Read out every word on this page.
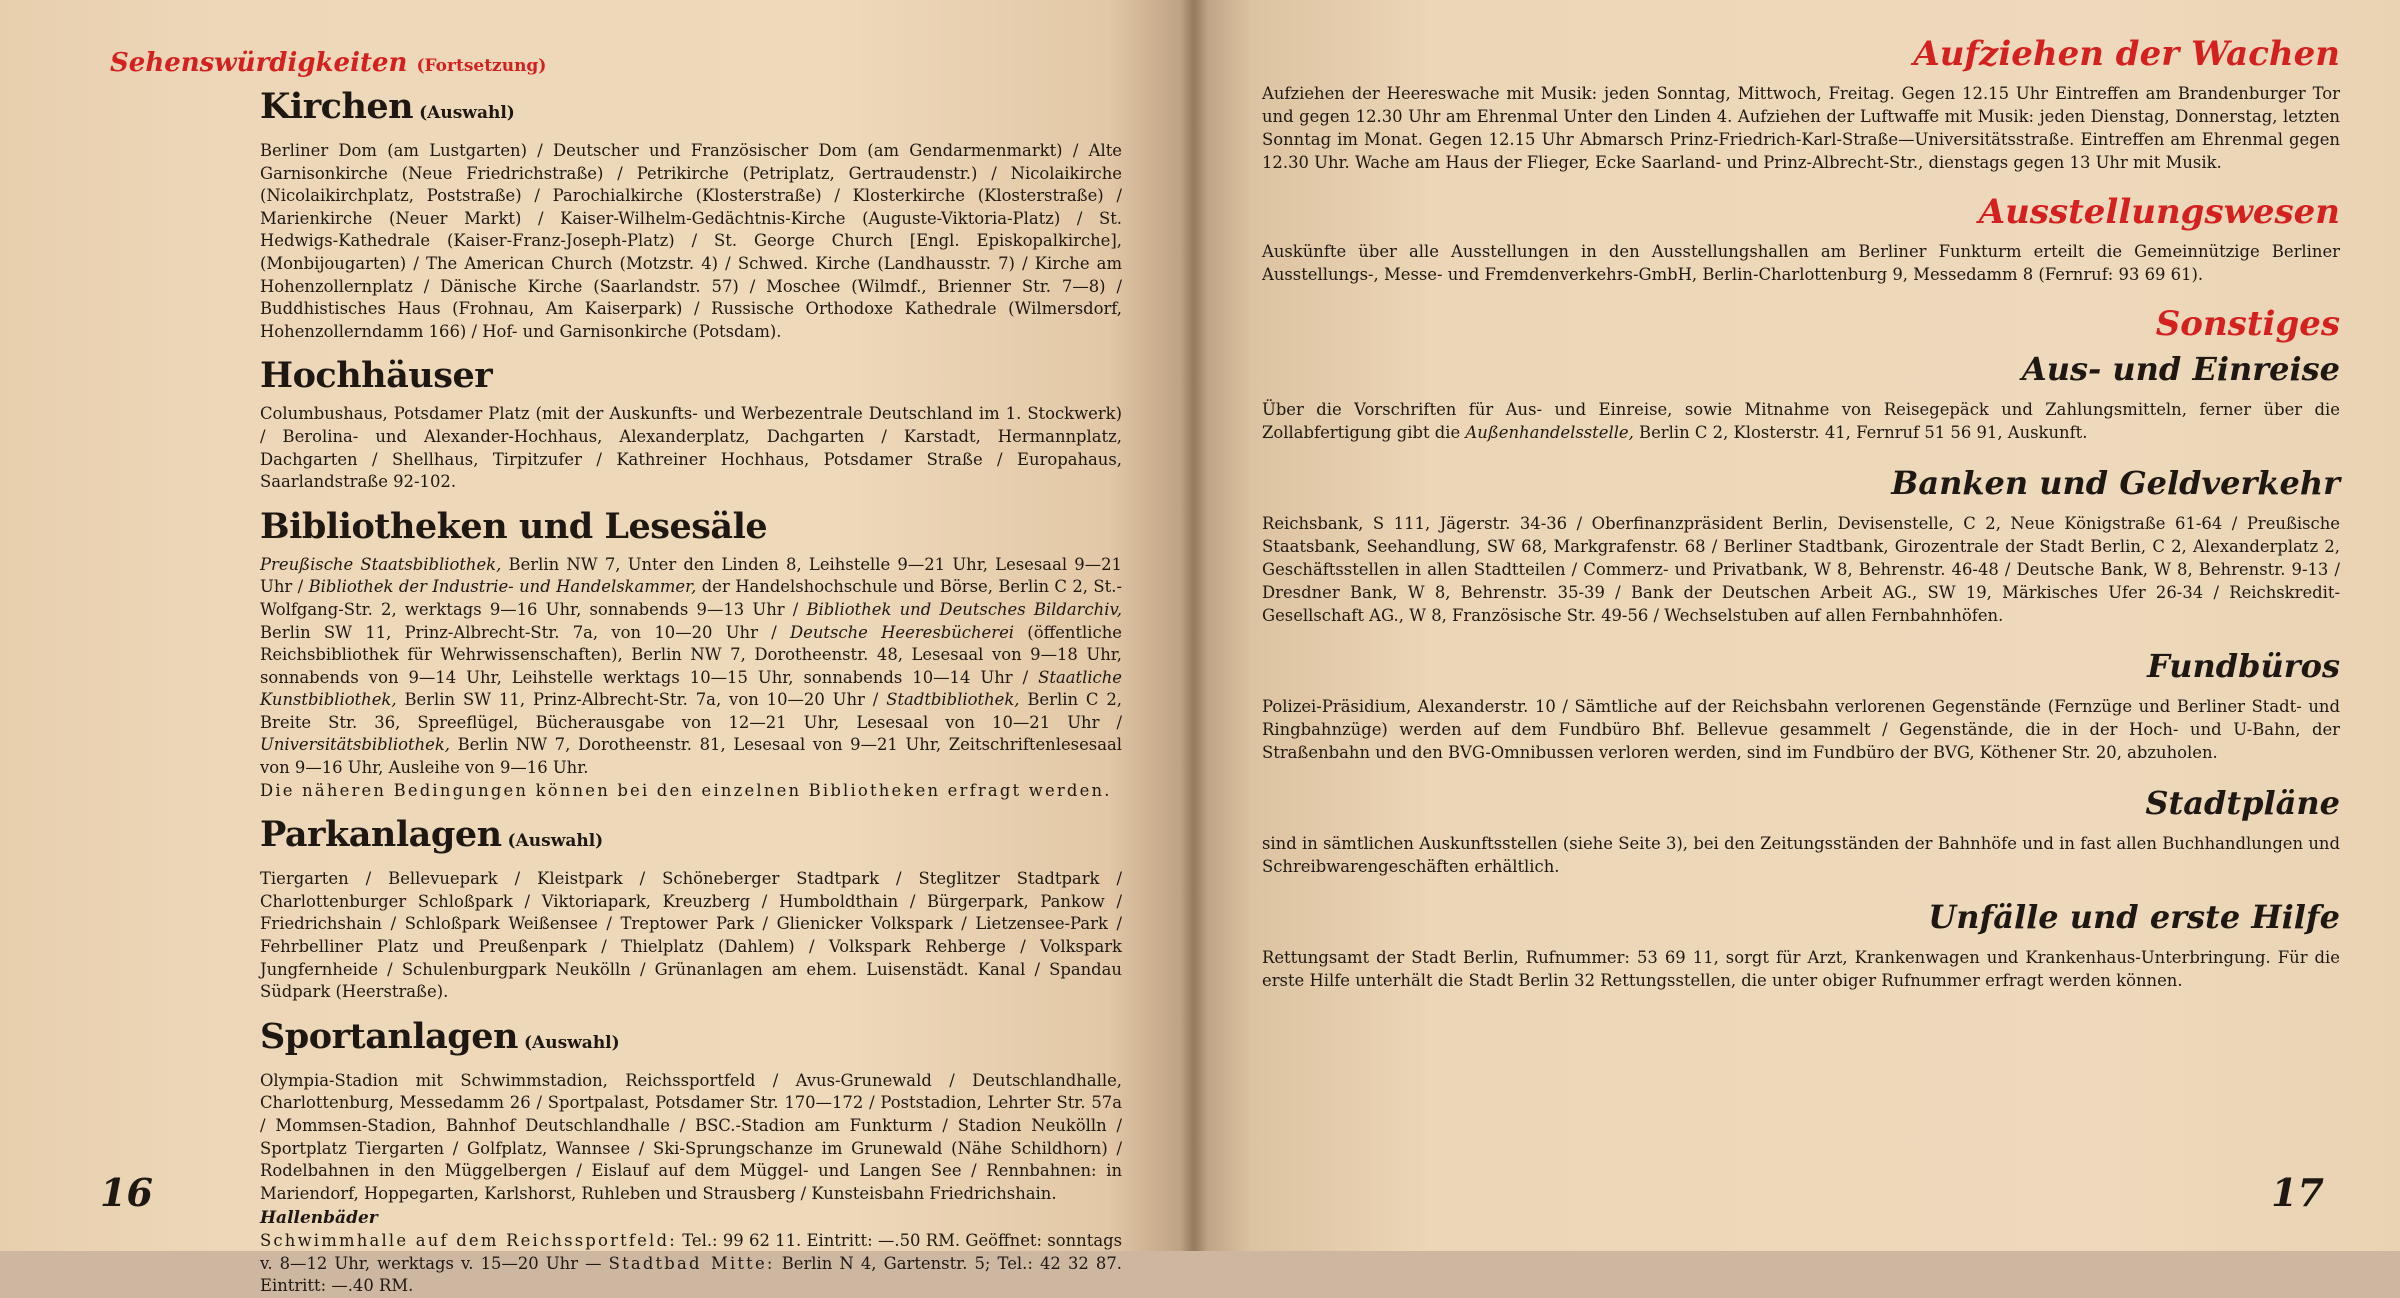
Sehenswürdigkeiten (Fortsetzung)
Kirchen (Auswahl)
Berliner Dom (am Lustgarten) / Deutscher und Französischer Dom (am Gendarmenmarkt) / Alte Garnisonkirche (Neue Friedrichstraße) / Petrikirche (Petriplatz, Gertraudenstr.) / Nicolaikirche (Nicolaikirchplatz, Poststraße) / Parochialkirche (Klosterstraße) / Klosterkirche (Klosterstraße) / Marienkirche (Neuer Markt) / Kaiser-Wilhelm-Gedächtnis-Kirche (Auguste-Viktoria-Platz) / St. Hedwigs-Kathedrale (Kaiser-Franz-Joseph-Platz) / St. George Church [Engl. Episkopalkirche], (Monbijougarten) / The American Church (Motzstr. 4) / Schwed. Kirche (Landhausstr. 7) / Kirche am Hohenzollernplatz / Dänische Kirche (Saarlandstr. 57) / Moschee (Wilmdf., Brienner Str. 7—8) / Buddhistisches Haus (Frohnau, Am Kaiserpark) / Russische Orthodoxe Kathedrale (Wilmersdorf, Hohenzollerndamm 166) / Hof- und Garnisonkirche (Potsdam).
Hochhäuser
Columbushaus, Potsdamer Platz (mit der Auskunfts- und Werbezentrale Deutschland im 1. Stockwerk) / Berolina- und Alexander-Hochhaus, Alexanderplatz, Dachgarten / Karstadt, Hermannplatz, Dachgarten / Shellhaus, Tirpitzufer / Kathreiner Hochhaus, Potsdamer Straße / Europahaus, Saarlandstraße 92-102.
Bibliotheken und Lesesäle
Preußische Staatsbibliothek, Berlin NW 7, Unter den Linden 8, Leihstelle 9—21 Uhr, Lesesaal 9—21 Uhr / Bibliothek der Industrie- und Handelskammer, der Handelshochschule und Börse, Berlin C 2, St.-Wolfgang-Str. 2, werktags 9—16 Uhr, sonnabends 9—13 Uhr / Bibliothek und Deutsches Bildarchiv, Berlin SW 11, Prinz-Albrecht-Str. 7a, von 10—20 Uhr / Deutsche Heeresbücherei (öffentliche Reichsbibliothek für Wehrwissenschaften), Berlin NW 7, Dorotheenstr. 48, Lesesaal von 9—18 Uhr, sonnabends von 9—14 Uhr, Leihstelle werktags 10—15 Uhr, sonnabends 10—14 Uhr / Staatliche Kunstbibliothek, Berlin SW 11, Prinz-Albrecht-Str. 7a, von 10—20 Uhr / Stadtbibliothek, Berlin C 2, Breite Str. 36, Spreeflügel, Bücherausgabe von 12—21 Uhr, Lesesaal von 10—21 Uhr / Universitätsbibliothek, Berlin NW 7, Dorotheenstr. 81, Lesesaal von 9—21 Uhr, Zeitschriftenlesesaal von 9—16 Uhr, Ausleihe von 9—16 Uhr.
Die näheren Bedingungen können bei den einzelnen Bibliotheken erfragt werden.
Parkanlagen (Auswahl)
Tiergarten / Bellevuepark / Kleistpark / Schöneberger Stadtpark / Steglitzer Stadtpark / Charlottenburger Schloßpark / Viktoriapark, Kreuzberg / Humboldthain / Bürgerpark, Pankow / Friedrichshain / Schloßpark Weißensee / Treptower Park / Glienicker Volkspark / Lietzensee-Park / Fehrbelliner Platz und Preußenpark / Thielplatz (Dahlem) / Volkspark Rehberge / Volkspark Jungfernheide / Schulenburgpark Neukölln / Grünanlagen am ehem. Luisenstädt. Kanal / Spandau Südpark (Heerstraße).
Sportanlagen (Auswahl)
Olympia-Stadion mit Schwimmstadion, Reichssportfeld / Avus-Grunewald / Deutschlandhalle, Charlottenburg, Messedamm 26 / Sportpalast, Potsdamer Str. 170—172 / Poststadion, Lehrter Str. 57a / Mommsen-Stadion, Bahnhof Deutschlandhalle / BSC.-Stadion am Funkturm / Stadion Neukölln / Sportplatz Tiergarten / Golfplatz, Wannsee / Ski-Sprungschanze im Grunewald (Nähe Schildhorn) / Rodelbahnen in den Müggelbergen / Eislauf auf dem Müggel- und Langen See / Rennbahnen: in Mariendorf, Hoppegarten, Karlshorst, Ruhleben und Strausberg / Kunsteisbahn Friedrichshain.
Hallenbäder
Schwimmhalle auf dem Reichssportfeld: Tel.: 99 62 11. Eintritt: —.50 RM. Geöffnet: sonntags v. 8—12 Uhr, werktags v. 15—20 Uhr — Stadtbad Mitte: Berlin N 4, Gartenstr. 5; Tel.: 42 32 87. Eintritt: —.40 RM.
16
Aufziehen der Wachen
Aufziehen der Heereswache mit Musik: jeden Sonntag, Mittwoch, Freitag. Gegen 12.15 Uhr Eintreffen am Brandenburger Tor und gegen 12.30 Uhr am Ehrenmal Unter den Linden 4. Aufziehen der Luftwaffe mit Musik: jeden Dienstag, Donnerstag, letzten Sonntag im Monat. Gegen 12.15 Uhr Abmarsch Prinz-Friedrich-Karl-Straße—Universitätsstraße. Eintreffen am Ehrenmal gegen 12.30 Uhr. Wache am Haus der Flieger, Ecke Saarland- und Prinz-Albrecht-Str., dienstags gegen 13 Uhr mit Musik.
Ausstellungswesen
Auskünfte über alle Ausstellungen in den Ausstellungshallen am Berliner Funkturm erteilt die Gemeinnützige Berliner Ausstellungs-, Messe- und Fremdenverkehrs-GmbH, Berlin-Charlottenburg 9, Messedamm 8 (Fernruf: 93 69 61).
Sonstiges
Aus- und Einreise
Über die Vorschriften für Aus- und Einreise, sowie Mitnahme von Reisegepäck und Zahlungsmitteln, ferner über die Zollabfertigung gibt die Außenhandelsstelle, Berlin C 2, Klosterstr. 41, Fernruf 51 56 91, Auskunft.
Banken und Geldverkehr
Reichsbank, S 111, Jägerstr. 34-36 / Oberfinanzpräsident Berlin, Devisenstelle, C 2, Neue Königstraße 61-64 / Preußische Staatsbank, Seehandlung, SW 68, Markgrafenstr. 68 / Berliner Stadtbank, Girozentrale der Stadt Berlin, C 2, Alexanderplatz 2, Geschäftsstellen in allen Stadtteilen / Commerz- und Privatbank, W 8, Behrenstr. 46-48 / Deutsche Bank, W 8, Behrenstr. 9-13 / Dresdner Bank, W 8, Behrenstr. 35-39 / Bank der Deutschen Arbeit AG., SW 19, Märkisches Ufer 26-34 / Reichskredit-Gesellschaft AG., W 8, Französische Str. 49-56 / Wechselstuben auf allen Fernbahnhöfen.
Fundbüros
Polizei-Präsidium, Alexanderstr. 10 / Sämtliche auf der Reichsbahn verlorenen Gegenstände (Fernzüge und Berliner Stadt- und Ringbahnzüge) werden auf dem Fundbüro Bhf. Bellevue gesammelt / Gegenstände, die in der Hoch- und U-Bahn, der Straßenbahn und den BVG-Omnibussen verloren werden, sind im Fundbüro der BVG, Köthener Str. 20, abzuholen.
Stadtpläne
sind in sämtlichen Auskunftsstellen (siehe Seite 3), bei den Zeitungsständen der Bahnhöfe und in fast allen Buchhandlungen und Schreibwarengeschäften erhältlich.
Unfälle und erste Hilfe
Rettungsamt der Stadt Berlin, Rufnummer: 53 69 11, sorgt für Arzt, Krankenwagen und Krankenhaus-Unterbringung. Für die erste Hilfe unterhält die Stadt Berlin 32 Rettungsstellen, die unter obiger Rufnummer erfragt werden können.
17
